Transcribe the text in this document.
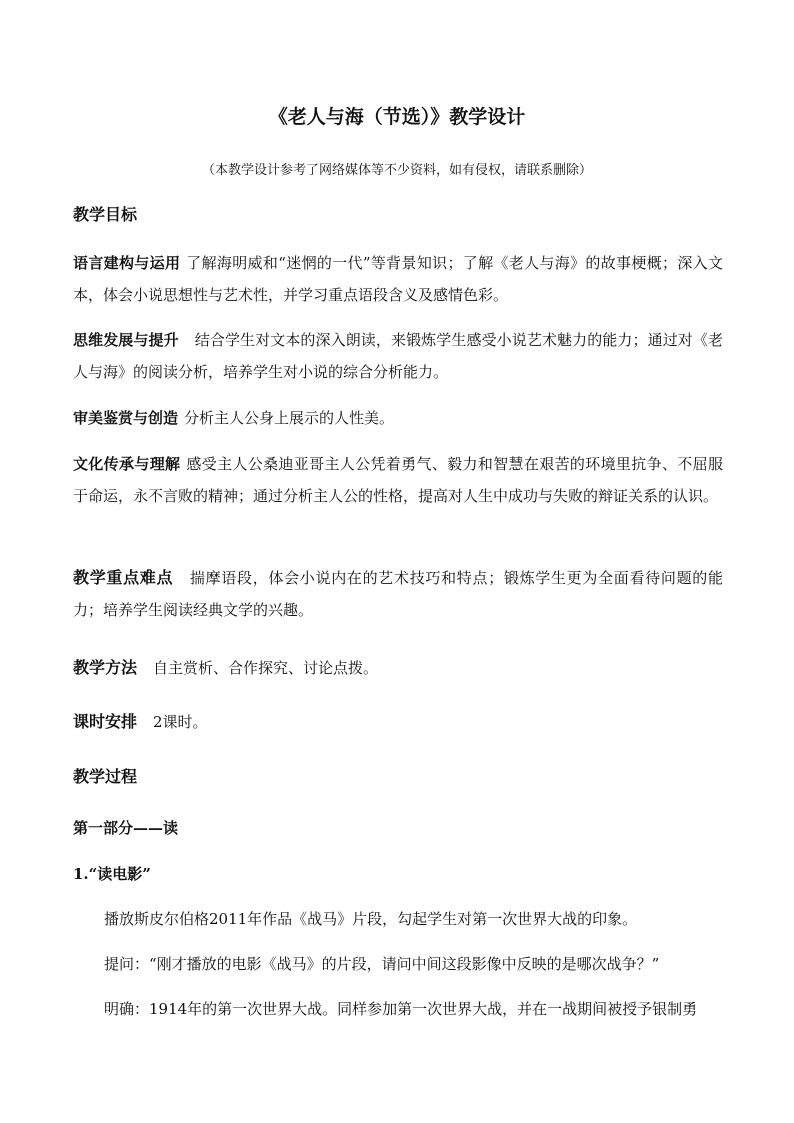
《老人与海（节选）》教学设计
（本教学设计参考了网络媒体等不少资料，如有侵权，请联系删除）
教学目标
语言建构与运用 了解海明威和“迷惘的一代”等背景知识；了解《老人与海》的故事梗概；深入文本，体会小说思想性与艺术性，并学习重点语段含义及感情色彩。
思维发展与提升 结合学生对文本的深入朗读，来锻炼学生感受小说艺术魅力的能力；通过对《老人与海》的阅读分析，培养学生对小说的综合分析能力。
审美鉴赏与创造 分析主人公身上展示的人性美。
文化传承与理解 感受主人公桑迪亚哥主人公凭着勇气、毅力和智慧在艰苦的环境里抗争、不屈服于命运，永不言败的精神；通过分析主人公的性格，提高对人生中成功与失败的辩证关系的认识。
教学重点难点 揣摩语段，体会小说内在的艺术技巧和特点；锻炼学生更为全面看待问题的能力；培养学生阅读经典文学的兴趣。
教学方法 自主赏析、合作探究、讨论点拨。
课时安排 2课时。
教学过程
第一部分——读
1.“读电影”
播放斯皮尔伯格2011年作品《战马》片段，勾起学生对第一次世界大战的印象。
提问：“刚才播放的电影《战马》的片段，请问中间这段影像中反映的是哪次战争？”
明确：1914年的第一次世界大战。同样参加第一次世界大战，并在一战期间被授予银制勇
